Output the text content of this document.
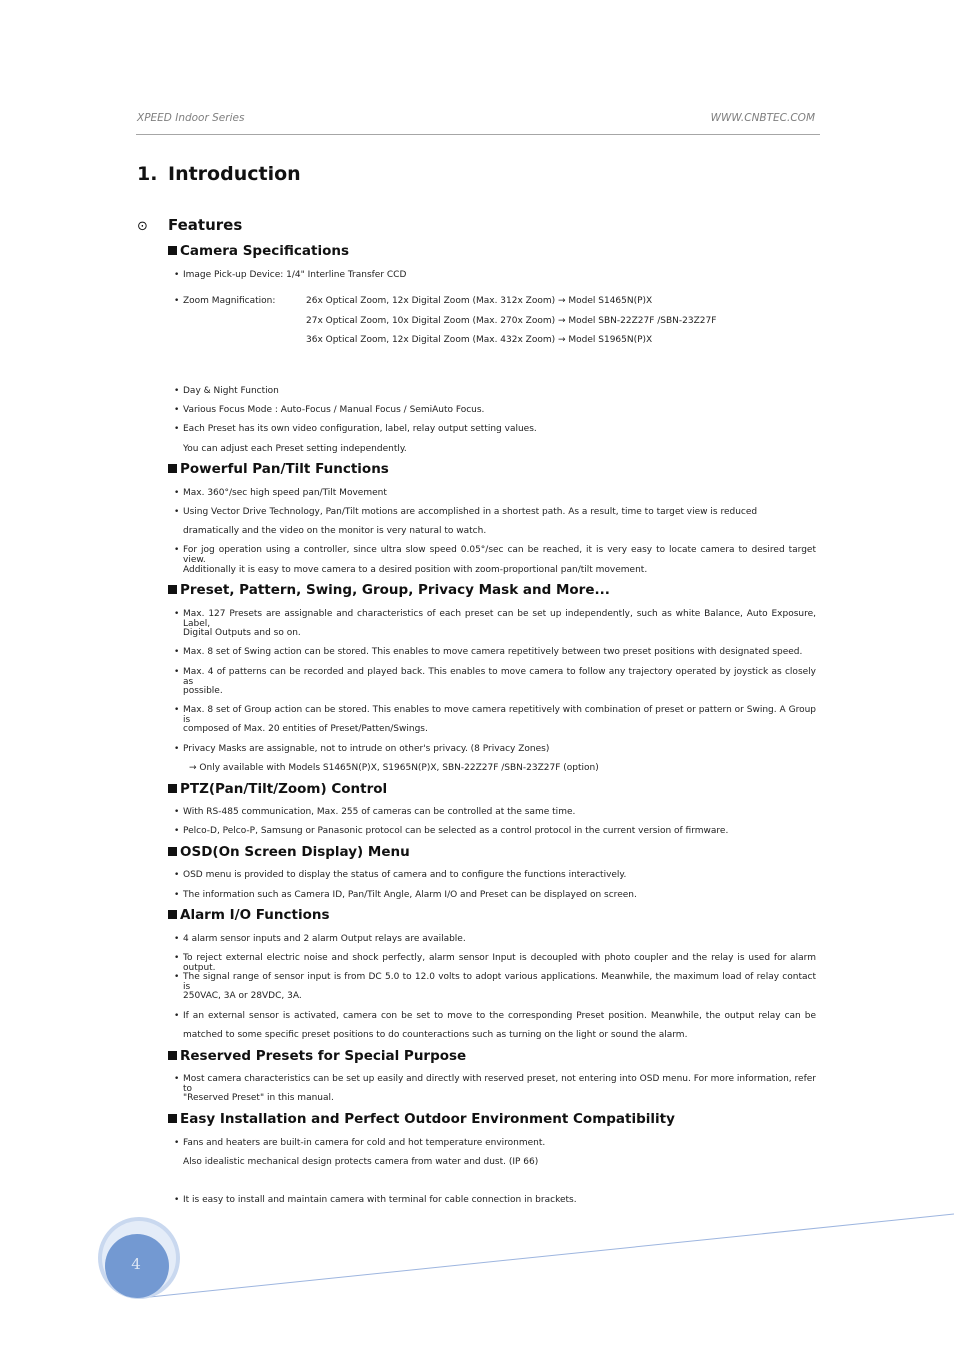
XPEED Indoor Series	WWW.CNBTEC.COM
1. Introduction
⊙ Features
Camera Specifications
• Image Pick-up Device: 1/4" Interline Transfer CCD
• Zoom Magnification:	26x Optical Zoom, 12x Digital Zoom (Max. 312x Zoom) → Model S1465N(P)X
27x Optical Zoom, 10x Digital Zoom (Max. 270x Zoom) → Model SBN-22Z27F /SBN-23Z27F
36x Optical Zoom, 12x Digital Zoom (Max. 432x Zoom) → Model S1965N(P)X
• Day & Night Function
• Various Focus Mode : Auto-Focus / Manual Focus / SemiAuto Focus.
• Each Preset has its own video configuration, label, relay output setting values.
You can adjust each Preset setting independently.
Powerful Pan/Tilt Functions
• Max. 360°/sec high speed pan/Tilt Movement
• Using Vector Drive Technology, Pan/Tilt motions are accomplished in a shortest path. As a result, time to target view is reduced
dramatically and the video on the monitor is very natural to watch.
• For jog operation using a controller, since ultra slow speed 0.05°/sec can be reached, it is very easy to locate camera to desired target view.
Additionally it is easy to move camera to a desired position with zoom-proportional pan/tilt movement.
Preset, Pattern, Swing, Group, Privacy Mask and More...
• Max. 127 Presets are assignable and characteristics of each preset can be set up independently, such as white Balance, Auto Exposure, Label,
Digital Outputs and so on.
• Max. 8 set of Swing action can be stored. This enables to move camera repetitively between two preset positions with designated speed.
• Max. 4 of patterns can be recorded and played back. This enables to move camera to follow any trajectory operated by joystick as closely as
possible.
• Max. 8 set of Group action can be stored. This enables to move camera repetitively with combination of preset or pattern or Swing. A Group is
composed of Max. 20 entities of Preset/Patten/Swings.
• Privacy Masks are assignable, not to intrude on other's privacy. (8 Privacy Zones)
→ Only available with Models S1465N(P)X, S1965N(P)X, SBN-22Z27F /SBN-23Z27F (option)
PTZ(Pan/Tilt/Zoom) Control
• With RS-485 communication, Max. 255 of cameras can be controlled at the same time.
• Pelco-D, Pelco-P, Samsung or Panasonic protocol can be selected as a control protocol in the current version of firmware.
OSD(On Screen Display) Menu
• OSD menu is provided to display the status of camera and to configure the functions interactively.
• The information such as Camera ID, Pan/Tilt Angle, Alarm I/O and Preset can be displayed on screen.
Alarm I/O Functions
• 4 alarm sensor inputs and 2 alarm Output relays are available.
• To reject external electric noise and shock perfectly, alarm sensor Input is decoupled with photo coupler and the relay is used for alarm output.
• The signal range of sensor input is from DC 5.0 to 12.0 volts to adopt various applications. Meanwhile, the maximum load of relay contact is
250VAC, 3A or 28VDC, 3A.
• If an external sensor is activated, camera con be set to move to the corresponding Preset position. Meanwhile, the output relay can be
matched to some specific preset positions to do counteractions such as turning on the light or sound the alarm.
Reserved Presets for Special Purpose
• Most camera characteristics can be set up easily and directly with reserved preset, not entering into OSD menu. For more information, refer to
"Reserved Preset" in this manual.
Easy Installation and Perfect Outdoor Environment Compatibility
• Fans and heaters are built-in camera for cold and hot temperature environment.
Also idealistic mechanical design protects camera from water and dust. (IP 66)
• It is easy to install and maintain camera with terminal for cable connection in brackets.
4
